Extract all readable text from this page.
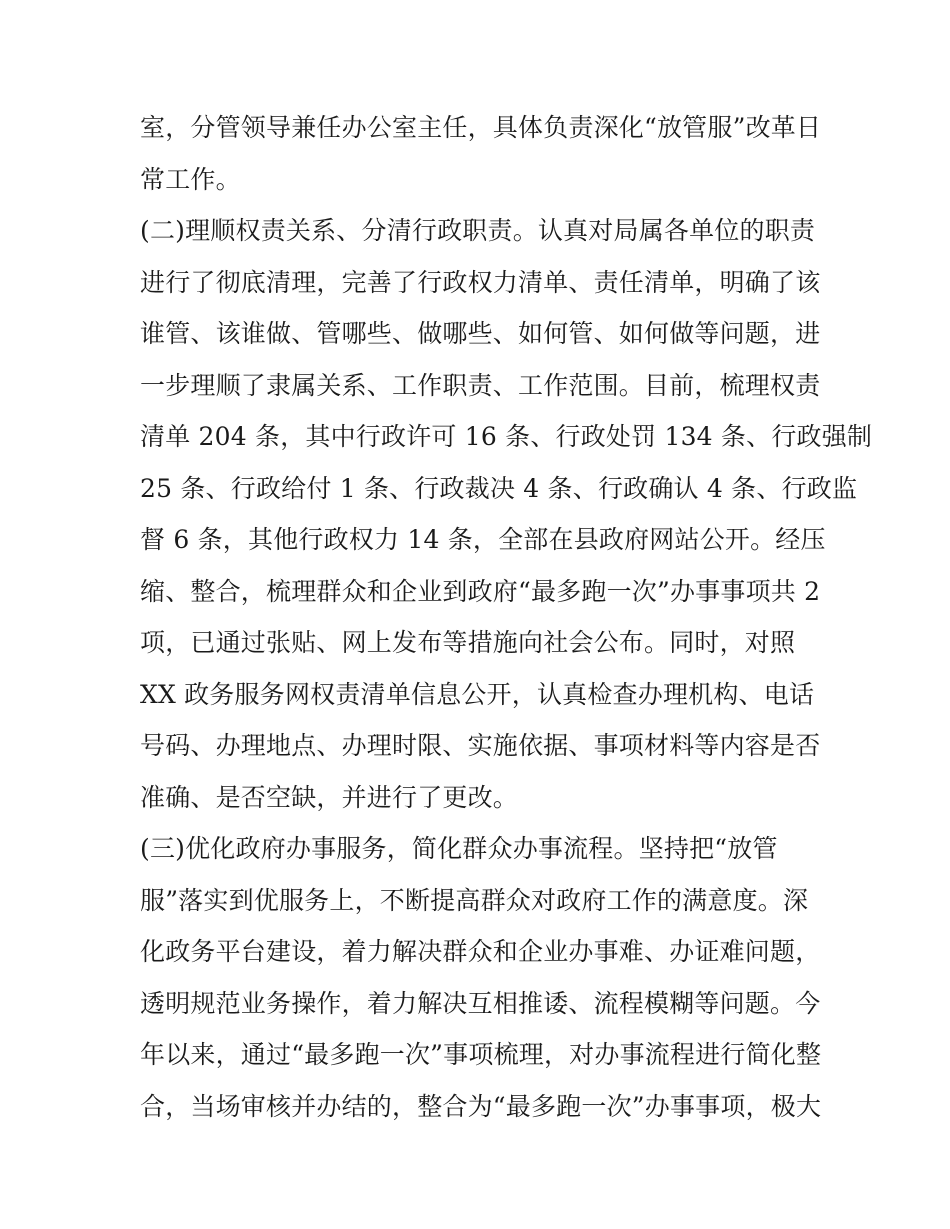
室，分管领导兼任办公室主任，具体负责深化“放管服”改革日
常工作。
(二)理顺权责关系、分清行政职责。认真对局属各单位的职责
进行了彻底清理，完善了行政权力清单、责任清单，明确了该
谁管、该谁做、管哪些、做哪些、如何管、如何做等问题，进
一步理顺了隶属关系、工作职责、工作范围。目前，梳理权责
清单 204 条，其中行政许可 16 条、行政处罚 134 条、行政强制
25 条、行政给付 1 条、行政裁决 4 条、行政确认 4 条、行政监
督 6 条，其他行政权力 14 条，全部在县政府网站公开。经压
缩、整合，梳理群众和企业到政府“最多跑一次”办事事项共 2
项，已通过张贴、网上发布等措施向社会公布。同时，对照
XX 政务服务网权责清单信息公开，认真检查办理机构、电话
号码、办理地点、办理时限、实施依据、事项材料等内容是否
准确、是否空缺，并进行了更改。
(三)优化政府办事服务，简化群众办事流程。坚持把“放管
服”落实到优服务上，不断提高群众对政府工作的满意度。深
化政务平台建设，着力解决群众和企业办事难、办证难问题，
透明规范业务操作，着力解决互相推诿、流程模糊等问题。今
年以来，通过“最多跑一次”事项梳理，对办事流程进行简化整
合，当场审核并办结的，整合为“最多跑一次”办事事项，极大
